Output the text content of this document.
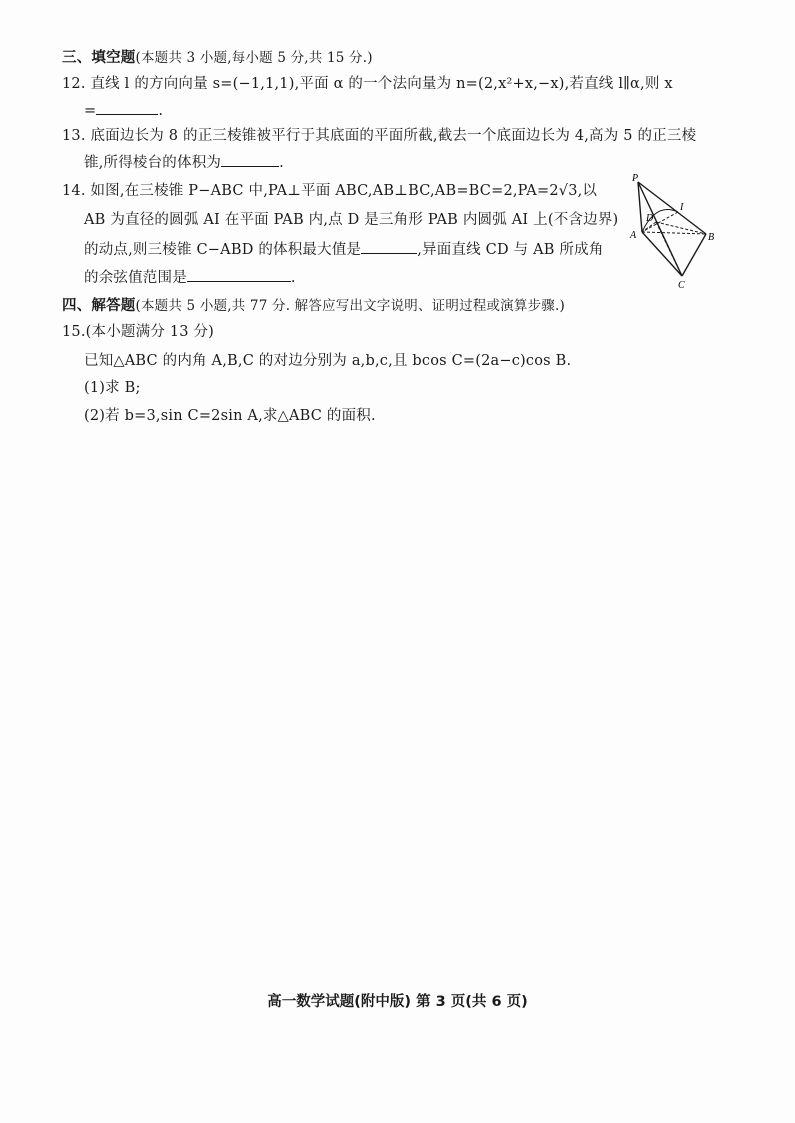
三、填空题(本题共 3 小题,每小题 5 分,共 15 分.)
12. 直线 l 的方向向量 s=(−1,1,1),平面 α 的一个法向量为 n=(2,x²+x,−x),若直线 l∥α,则 x
=	.
13. 底面边长为 8 的正三棱锥被平行于其底面的平面所截,截去一个底面边长为 4,高为 5 的正三棱
锥,所得棱台的体积为	.
14. 如图,在三棱锥 P−ABC 中,PA⊥平面 ABC,AB⊥BC,AB=BC=2,PA=2√3,以
AB 为直径的圆弧 AI 在平面 PAB 内,点 D 是三角形 PAB 内圆弧 AI 上(不含边界)
的动点,则三棱锥 C−ABD 的体积最大值是	,异面直线 CD 与 AB 所成角
的余弦值范围是	.
P
I
D
A	B
C
四、解答题(本题共 5 小题,共 77 分. 解答应写出文字说明、证明过程或演算步骤.)
15.(本小题满分 13 分)
已知△ABC 的内角 A,B,C 的对边分别为 a,b,c,且 bcos C=(2a−c)cos B.
(1)求 B;
(2)若 b=3,sin C=2sin A,求△ABC 的面积.
高一数学试题(附中版) 第 3 页(共 6 页)
